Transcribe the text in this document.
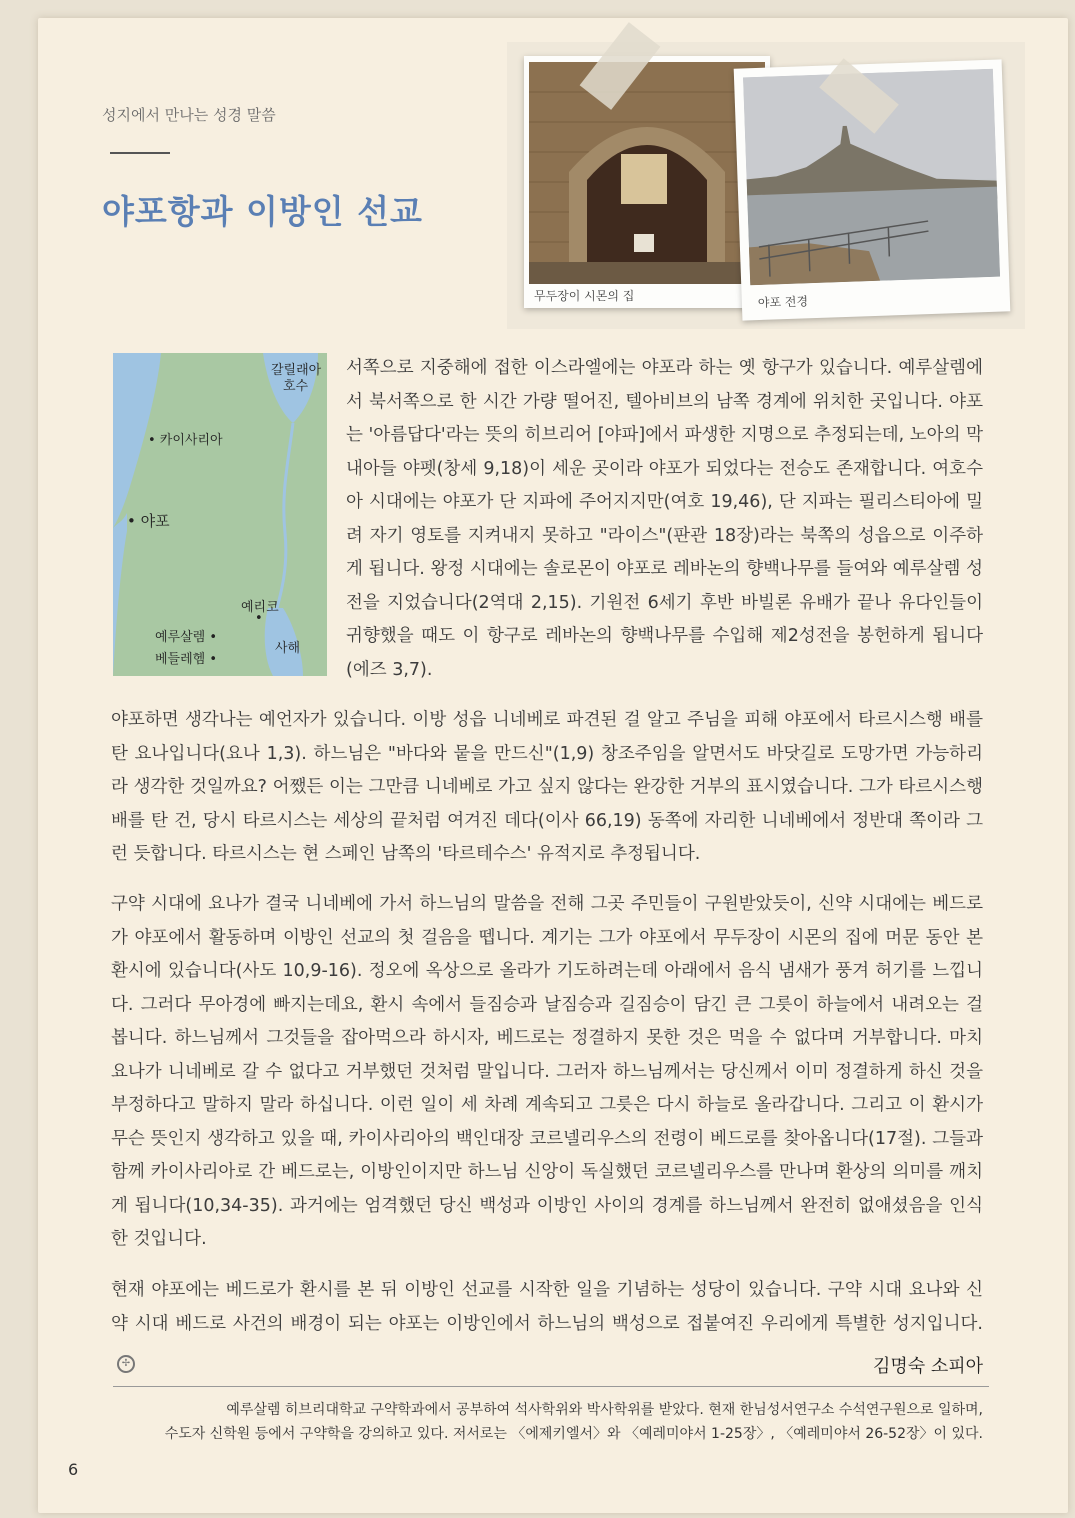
성지에서 만나는 성경 말씀
야포항과 이방인 선교
무두장이 시몬의 집	야포 전경
갈릴래아
호수
• 카이사리아
• 야포
예리코
•
예루살렘 •
베들레헴 •
사해

서쪽으로 지중해에 접한 이스라엘에는 야포라 하는 옛 항구가 있습니다. 예루살렘에서 북서쪽으로 한 시간 가량 떨어진, 텔아비브의 남쪽 경계에 위치한 곳입니다. 야포는 '아름답다'라는 뜻의 히브리어 [야파]에서 파생한 지명으로 추정되는데, 노아의 막내아들 야펫(창세 9,18)이 세운 곳이라 야포가 되었다는 전승도 존재합니다. 여호수아 시대에는 야포가 단 지파에 주어지지만(여호 19,46), 단 지파는 필리스티아에 밀려 자기 영토를 지켜내지 못하고 "라이스"(판관 18장)라는 북쪽의 성읍으로 이주하게 됩니다. 왕정 시대에는 솔로몬이 야포로 레바논의 향백나무를 들여와 예루살렘 성전을 지었습니다(2역대 2,15). 기원전 6세기 후반 바빌론 유배가 끝나 유다인들이 귀향했을 때도 이 항구로 레바논의 향백나무를 수입해 제2성전을 봉헌하게 됩니다(에즈 3,7).

야포하면 생각나는 예언자가 있습니다. 이방 성읍 니네베로 파견된 걸 알고 주님을 피해 야포에서 타르시스행 배를 탄 요나입니다(요나 1,3). 하느님은 "바다와 뭍을 만드신"(1,9) 창조주임을 알면서도 바닷길로 도망가면 가능하리라 생각한 것일까요? 어쨌든 이는 그만큼 니네베로 가고 싶지 않다는 완강한 거부의 표시였습니다. 그가 타르시스행 배를 탄 건, 당시 타르시스는 세상의 끝처럼 여겨진 데다(이사 66,19) 동쪽에 자리한 니네베에서 정반대 쪽이라 그런 듯합니다. 타르시스는 현 스페인 남쪽의 '타르테수스' 유적지로 추정됩니다.

구약 시대에 요나가 결국 니네베에 가서 하느님의 말씀을 전해 그곳 주민들이 구원받았듯이, 신약 시대에는 베드로가 야포에서 활동하며 이방인 선교의 첫 걸음을 뗍니다. 계기는 그가 야포에서 무두장이 시몬의 집에 머문 동안 본 환시에 있습니다(사도 10,9-16). 정오에 옥상으로 올라가 기도하려는데 아래에서 음식 냄새가 풍겨 허기를 느낍니다. 그러다 무아경에 빠지는데요, 환시 속에서 들짐승과 날짐승과 길짐승이 담긴 큰 그릇이 하늘에서 내려오는 걸 봅니다. 하느님께서 그것들을 잡아먹으라 하시자, 베드로는 정결하지 못한 것은 먹을 수 없다며 거부합니다. 마치 요나가 니네베로 갈 수 없다고 거부했던 것처럼 말입니다. 그러자 하느님께서는 당신께서 이미 정결하게 하신 것을 부정하다고 말하지 말라 하십니다. 이런 일이 세 차례 계속되고 그릇은 다시 하늘로 올라갑니다. 그리고 이 환시가 무슨 뜻인지 생각하고 있을 때, 카이사리아의 백인대장 코르넬리우스의 전령이 베드로를 찾아옵니다(17절). 그들과 함께 카이사리아로 간 베드로는, 이방인이지만 하느님 신앙이 독실했던 코르넬리우스를 만나며 환상의 의미를 깨치게 됩니다(10,34-35). 과거에는 엄격했던 당신 백성과 이방인 사이의 경계를 하느님께서 완전히 없애셨음을 인식한 것입니다.

현재 야포에는 베드로가 환시를 본 뒤 이방인 선교를 시작한 일을 기념하는 성당이 있습니다. 구약 시대 요나와 신약 시대 베드로 사건의 배경이 되는 야포는 이방인에서 하느님의 백성으로 접붙여진 우리에게 특별한 성지입니다.✢	김명숙 소피아
예루살렘 히브리대학교 구약학과에서 공부하여 석사학위와 박사학위를 받았다. 현재 한님성서연구소 수석연구원으로 일하며,
수도자 신학원 등에서 구약학을 강의하고 있다. 저서로는 〈에제키엘서〉와 〈예레미야서 1-25장〉, 〈예레미야서 26-52장〉이 있다.
6
